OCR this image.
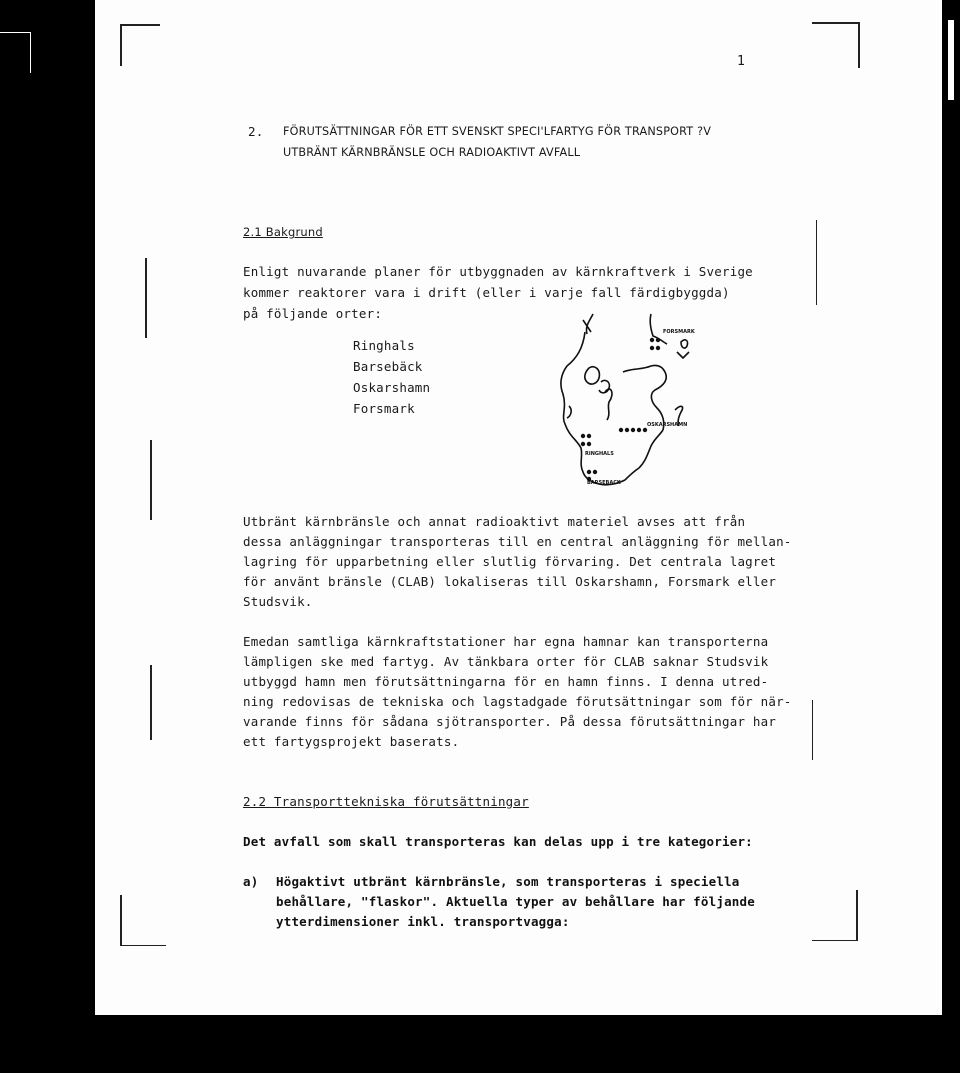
1
2. FÖRUTSÄTTNINGAR FÖR ETT SVENSKT SPECI'LFARTYG FÖR TRANSPORT ?V
UTBRÄNT KÄRNBRÄNSLE OCH RADIOAKTIVT AVFALL
2.1 Bakgrund
Enligt nuvarande planer för utbyggnaden av kärnkraftverk i Sverige
kommer reaktorer vara i drift (eller i varje fall färdigbyggda)
på följande orter:
Ringhals
Barsebäck
Oskarshamn
Forsmark
FORSMARK
OSKARSHAMN
RINGHALS
BARSEBACK
Utbränt kärnbränsle och annat radioaktivt materiel avses att från
dessa anläggningar transporteras till en central anläggning för mellan-
lagring för upparbetning eller slutlig förvaring. Det centrala lagret
för använt bränsle (CLAB) lokaliseras till Oskarshamn, Forsmark eller
Studsvik.
Emedan samtliga kärnkraftstationer har egna hamnar kan transporterna
lämpligen ske med fartyg. Av tänkbara orter för CLAB saknar Studsvik
utbyggd hamn men förutsättningarna för en hamn finns. I denna utred-
ning redovisas de tekniska och lagstadgade förutsättningar som för när-
varande finns för sådana sjötransporter. På dessa förutsättningar har
ett fartygsprojekt baserats.
2.2 Transporttekniska förutsättningar
Det avfall som skall transporteras kan delas upp i tre kategorier:
a) Högaktivt utbränt kärnbränsle, som transporteras i speciella
behållare, "flaskor". Aktuella typer av behållare har följande
ytterdimensioner inkl. transportvagga:
